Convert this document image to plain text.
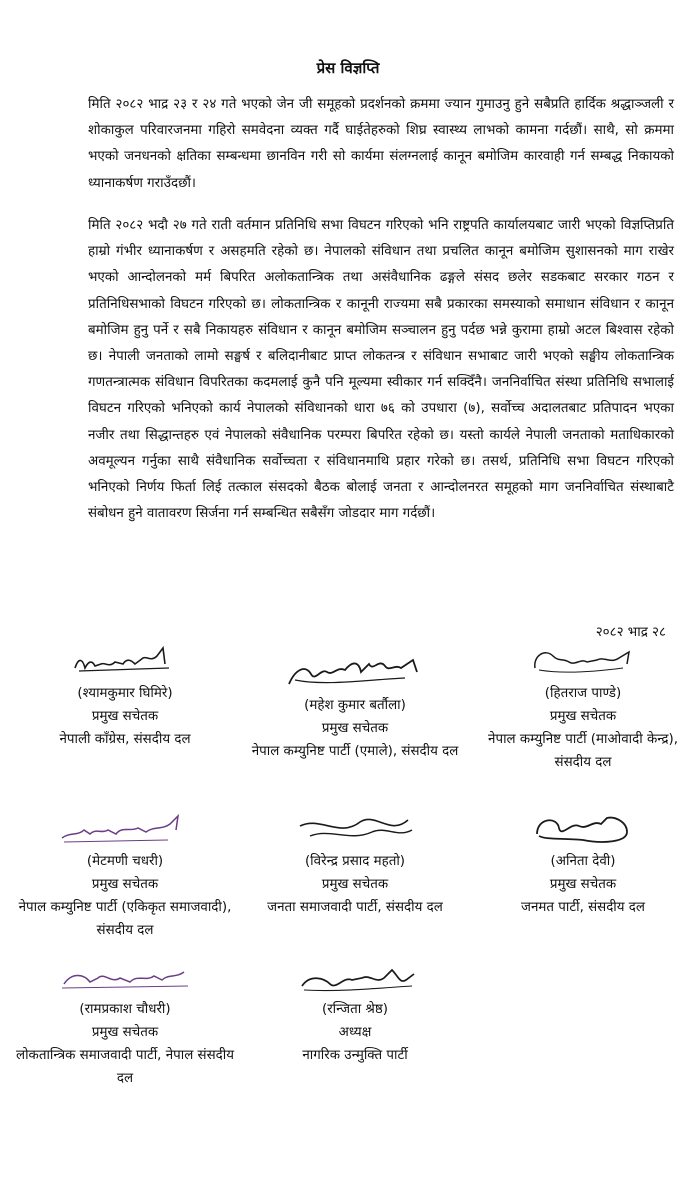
प्रेस विज्ञप्ति

मिति २०८२ भाद्र २३ र २४ गते भएको जेन जी समूहको प्रदर्शनको क्रममा ज्यान गुमाउनु हुने सबैप्रति हार्दिक श्रद्धाञ्जली र शोकाकुल परिवारजनमा गहिरो समवेदना व्यक्त गर्दै घाईतेहरुको शिघ्र स्वास्थ्य लाभको कामना गर्दछौं। साथै, सो क्रममा भएको जनधनको क्षतिका सम्बन्धमा छानविन गरी सो कार्यमा संलग्नलाई कानून बमोजिम कारवाही गर्न सम्बद्ध निकायको ध्यानाकर्षण गराउँदछौं।

मिति २०८२ भदौ २७ गते राती वर्तमान प्रतिनिधि सभा विघटन गरिएको भनि राष्ट्रपति कार्यालयबाट जारी भएको विज्ञप्तिप्रति हाम्रो गंभीर ध्यानाकर्षण र असहमति रहेको छ। नेपालको संविधान तथा प्रचलित कानून बमोजिम सुशासनको माग राखेर भएको आन्दोलनको मर्म बिपरित अलोकतान्त्रिक तथा असंवैधानिक ढङ्गले संसद छलेर सडकबाट सरकार गठन र प्रतिनिधिसभाको विघटन गरिएको छ। लोकतान्त्रिक र कानूनी राज्यमा सबै प्रकारका समस्याको समाधान संविधान र कानून बमोजिम हुनु पर्ने र सबै निकायहरु संविधान र कानून बमोजिम सञ्चालन हुनु पर्दछ भन्ने कुरामा हाम्रो अटल बिश्वास रहेको छ। नेपाली जनताको लामो सङ्घर्ष र बलिदानीबाट प्राप्त लोकतन्त्र र संविधान सभाबाट जारी भएको सङ्घीय लोकतान्त्रिक गणतन्त्रात्मक संविधान विपरितका कदमलाई कुनै पनि मूल्यमा स्वीकार गर्न सक्दिँनै। जननिर्वाचित संस्था प्रतिनिधि सभालाई विघटन गरिएको भनिएको कार्य नेपालको संविधानको धारा ७६ को उपधारा (७), सर्वोच्च अदालतबाट प्रतिपादन भएका नजीर तथा सिद्धान्तहरु एवं नेपालको संवैधानिक परम्परा बिपरित रहेको छ। यस्तो कार्यले नेपाली जनताको मताधिकारको अवमूल्यन गर्नुका साथै संवैधानिक सर्वोच्चता र संविधानमाथि प्रहार गरेको छ। तसर्थ, प्रतिनिधि सभा विघटन गरिएको भनिएको निर्णय फिर्ता लिई तत्काल संसदको बैठक बोलाई जनता र आन्दोलनरत समूहको माग जननिर्वाचित संस्थाबाटै संबोधन हुने वातावरण सिर्जना गर्न सम्बन्धित सबैसँग जोडदार माग गर्दछौं।

२०८२ भाद्र २८
(श्यामकुमार घिमिरे)
प्रमुख सचेतक
नेपाली काँग्रेस, संसदीय दल
(महेश कुमार बर्तौला)
प्रमुख सचेतक
नेपाल कम्युनिष्ट पार्टी (एमाले), संसदीय दल
(हितराज पाण्डे)
प्रमुख सचेतक
नेपाल कम्युनिष्ट पार्टी (माओवादी केन्द्र), संसदीय दल
(मेटमणी चधरी)
प्रमुख सचेतक
नेपाल कम्युनिष्ट पार्टी (एकिकृत समाजवादी), संसदीय दल
(विरेन्द्र प्रसाद महतो)
प्रमुख सचेतक
जनता समाजवादी पार्टी, संसदीय दल
(अनिता देवी)
प्रमुख सचेतक
जनमत पार्टी, संसदीय दल
(रामप्रकाश चौधरी)
प्रमुख सचेतक
लोकतान्त्रिक समाजवादी पार्टी, नेपाल संसदीय दल
(रन्जिता श्रेष्ठ)
अध्यक्ष
नागरिक उन्मुक्ति पार्टी
